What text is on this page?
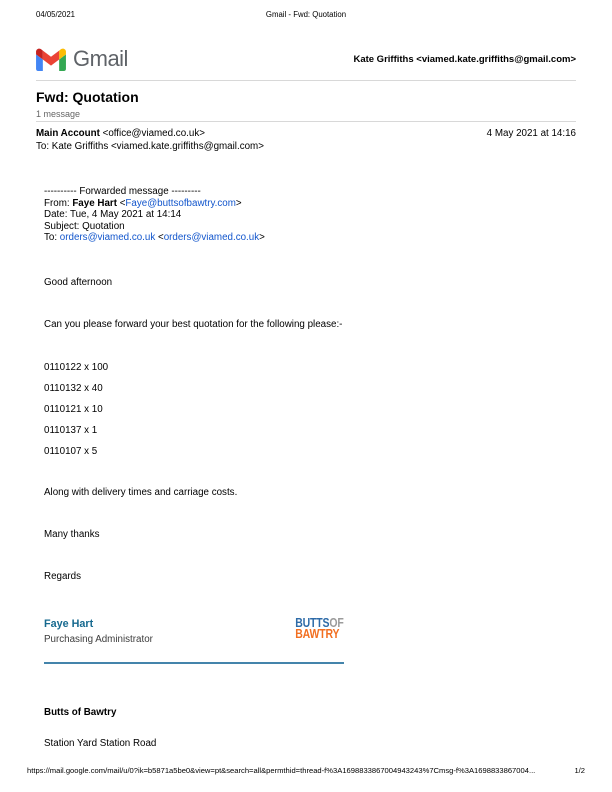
Gmail - Fwd: Quotation
04/05/2021
Gmail	Kate Griffiths <viamed.kate.griffiths@gmail.com>
Fwd: Quotation
1 message
Main Account <office@viamed.co.uk>
To: Kate Griffiths <viamed.kate.griffiths@gmail.com>
4 May 2021 at 14:16
---------- Forwarded message ---------
From: Faye Hart <Faye@buttsofbawtry.com>
Date: Tue, 4 May 2021 at 14:14
Subject: Quotation
To: orders@viamed.co.uk <orders@viamed.co.uk>

Good afternoon

Can you please forward your best quotation for the following please:-

0110122 x 100

0110132 x 40

0110121 x 10

0110137 x 1

0110107 x 5

Along with delivery times and carriage costs.

Many thanks

Regards

Faye Hart
Purchasing Administrator
BUTTSOF
BAWTRY

Butts of Bawtry

Station Yard Station Road

https://mail.google.com/mail/u/0?ik=b5871a5be0&view=pt&search=all&permthid=thread-f%3A1698833867004943243%7Cmsg-f%3A1698833867004...	1/2
